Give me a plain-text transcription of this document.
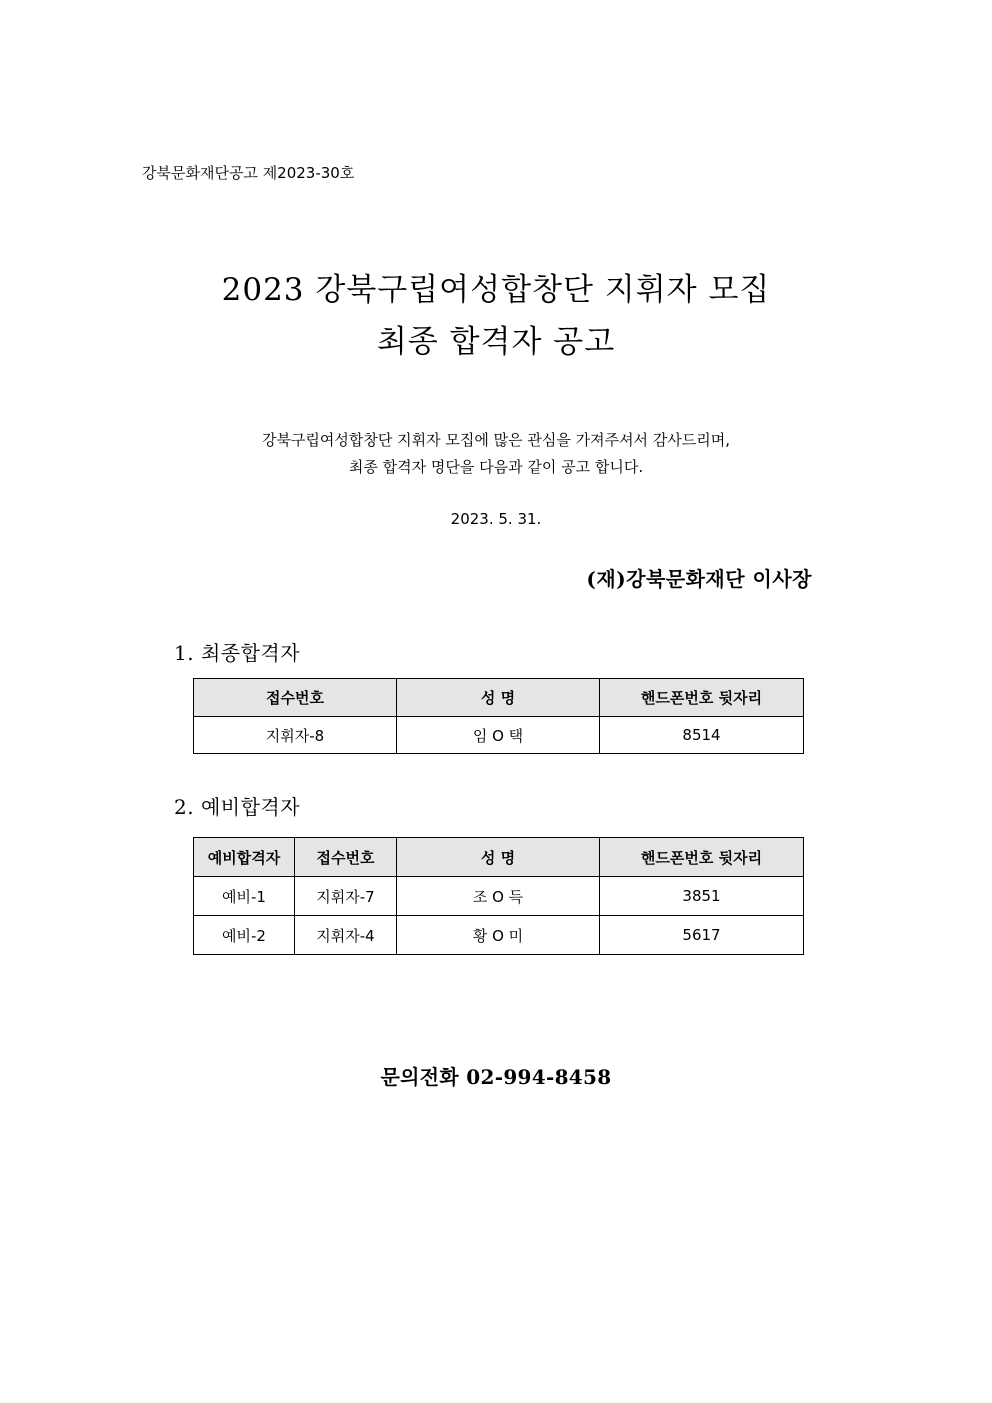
강북문화재단공고 제2023-30호
2023 강북구립여성합창단 지휘자 모집
최종 합격자 공고
강북구립여성합창단 지휘자 모집에 많은 관심을 가져주셔서 감사드리며,
최종 합격자 명단을 다음과 같이 공고 합니다.
2023. 5. 31.
(재)강북문화재단 이사장
1. 최종합격자
접수번호	성 명	핸드폰번호 뒷자리
지휘자-8	임 O 택	8514
2. 예비합격자
예비합격자	접수번호	성 명	핸드폰번호 뒷자리
예비-1	지휘자-7	조 O 득	3851
예비-2	지휘자-4	황 O 미	5617
문의전화 02-994-8458
